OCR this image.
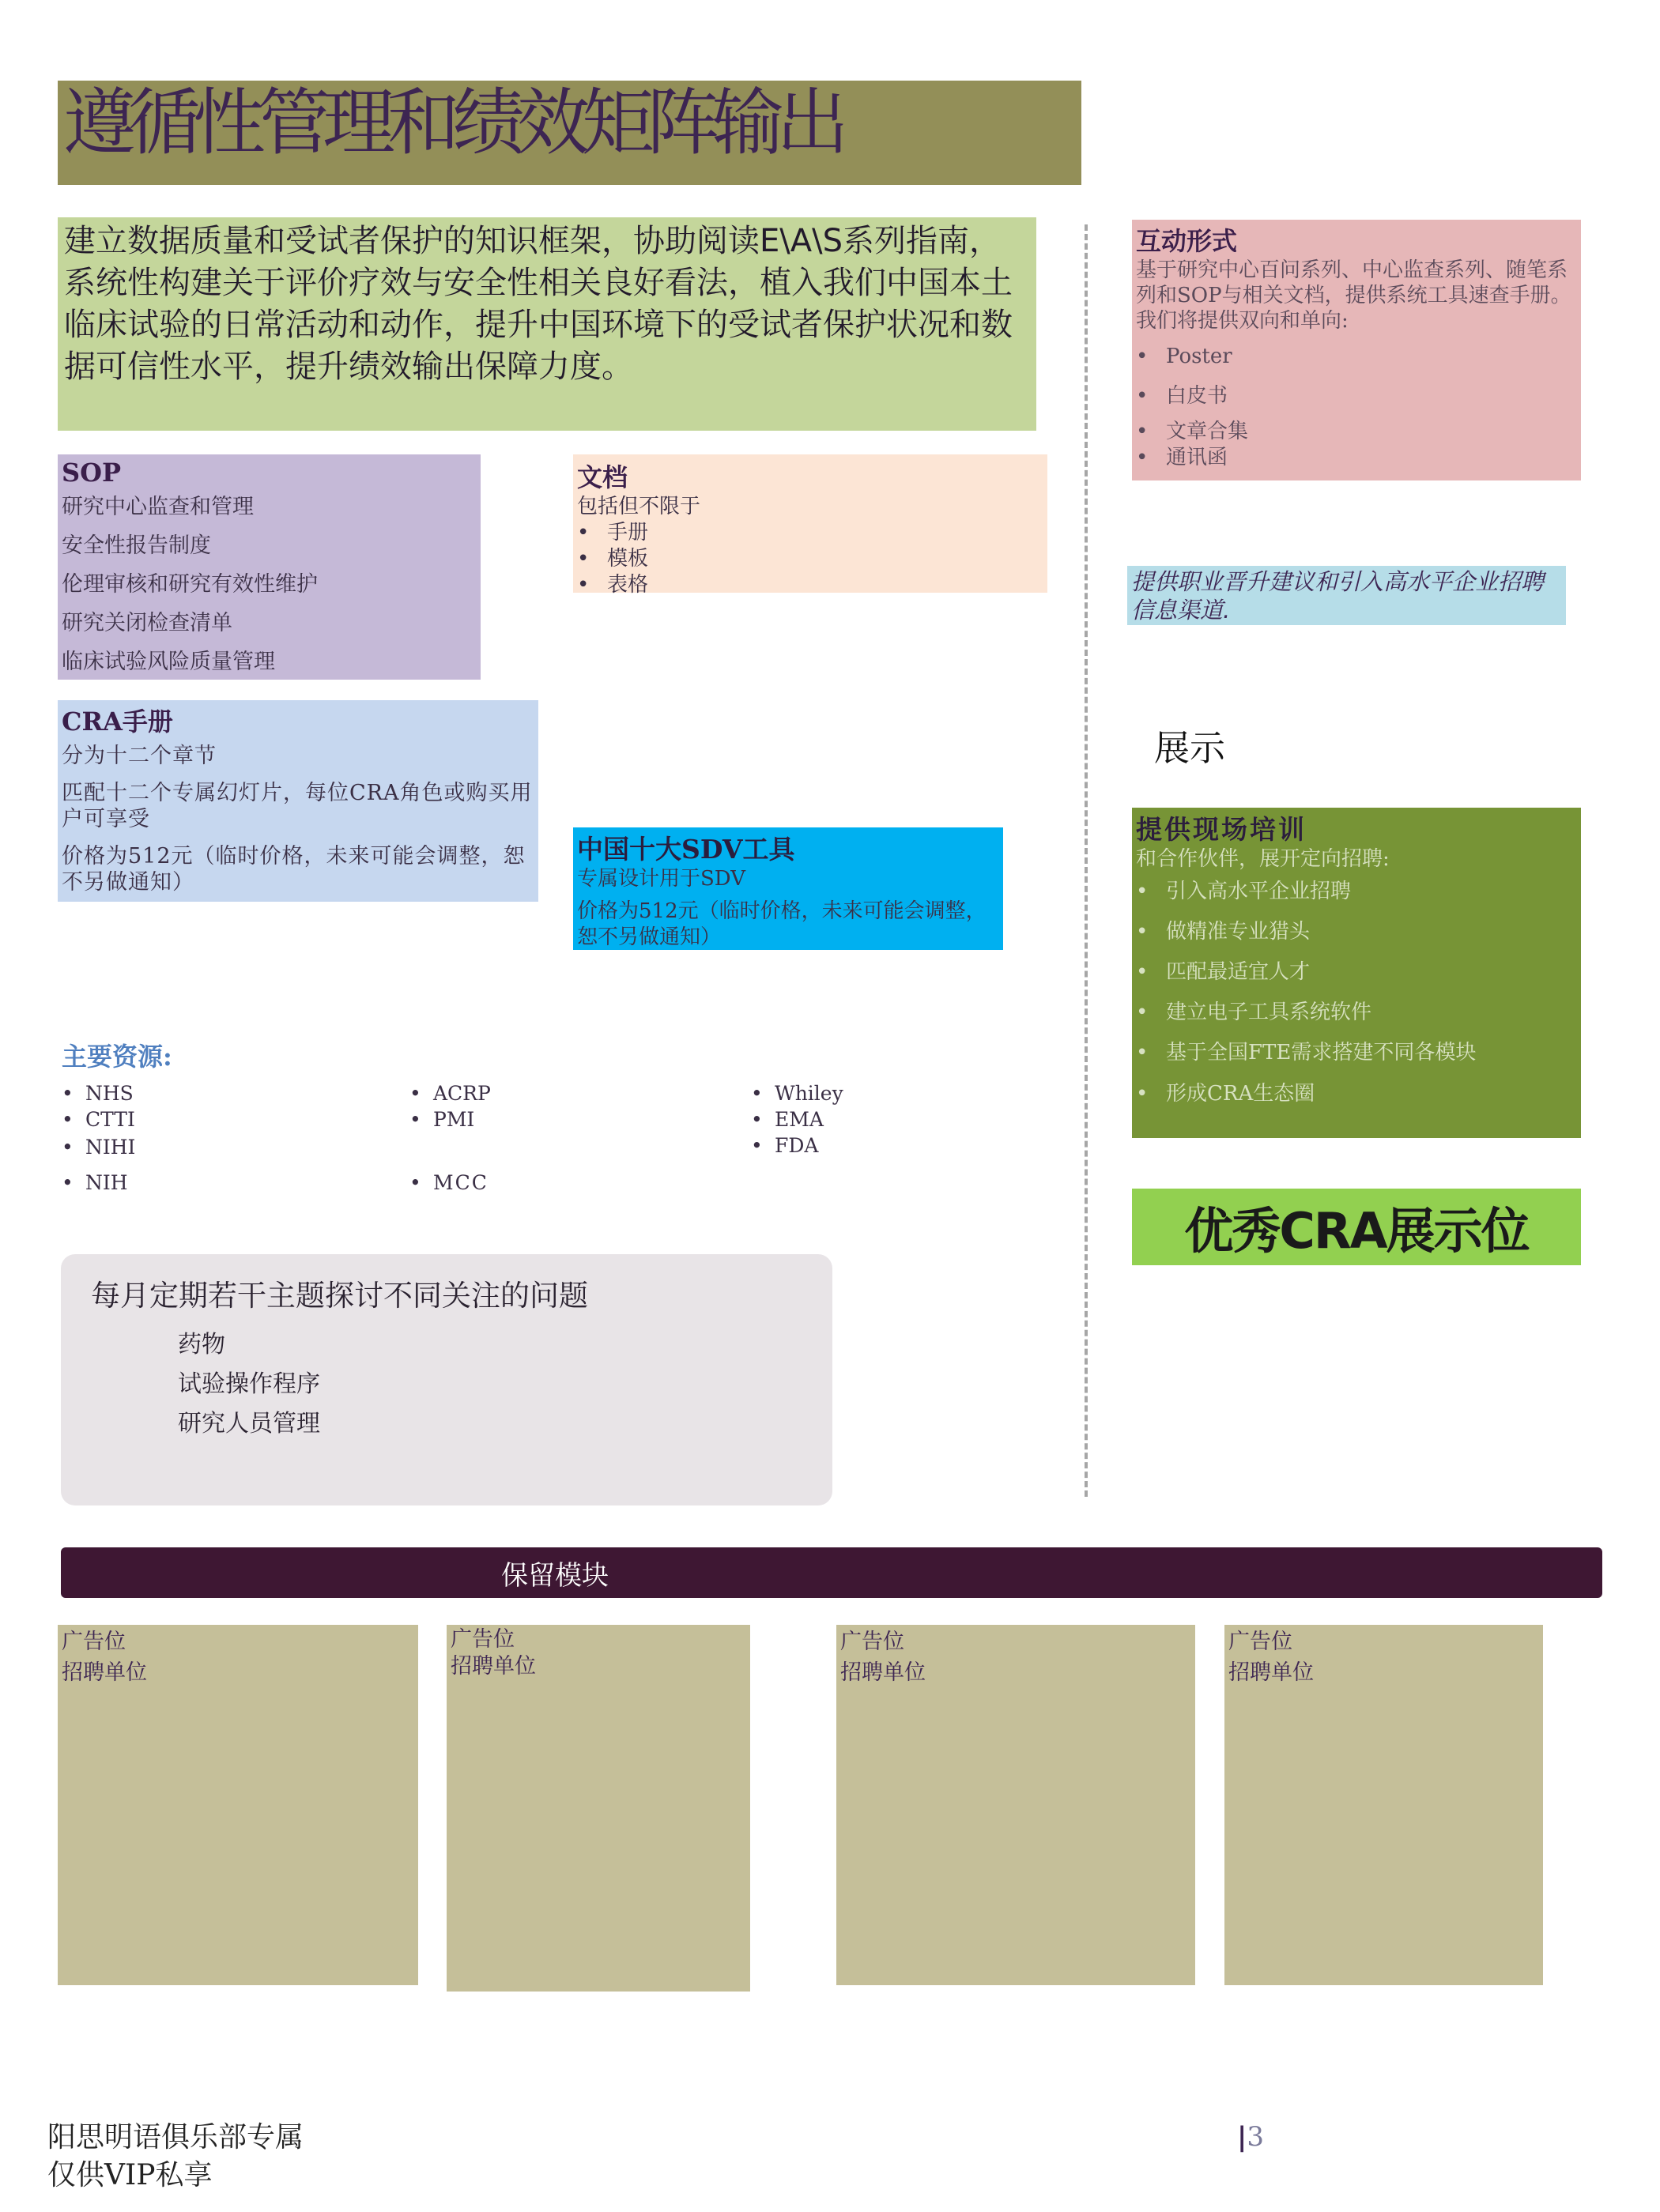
遵循性管理和绩效矩阵输出
建立数据质量和受试者保护的知识框架，协助阅读E\A\S系列指南，系统性构建关于评价疗效与安全性相关良好看法，植入我们中国本土临床试验的日常活动和动作，提升中国环境下的受试者保护状况和数据可信性水平，提升绩效输出保障力度。
SOP
研究中心监查和管理
安全性报告制度
伦理审核和研究有效性维护
研究关闭检查清单
临床试验风险质量管理
文档
包括但不限于
• 手册
• 模板
• 表格
CRA手册

分为十二个章节

匹配十二个专属幻灯片，每位CRA角色或购买用户可享受

价格为512元（临时价格，未来可能会调整，恕不另做通知）

中国十大SDV工具

专属设计用于SDV

价格为512元（临时价格，未来可能会调整，恕不另做通知）

主要资源:
• NHS
• CTTI
• NIHI
• NIH
• ACRP
• PMI
• MCC
• Whiley
• EMA
• FDA
每月定期若干主题探讨不同关注的问题
药物
试验操作程序
研究人员管理
互动形式

基于研究中心百问系列、中心监查系列、随笔系列和SOP与相关文档，提供系统工具速查手册。我们将提供双向和单向:

• Poster
• 白皮书
• 文章合集
• 通讯函
提供职业晋升建议和引入高水平企业招聘信息渠道.
展示
提供现场培训

和合作伙伴，展开定向招聘:

• 引入高水平企业招聘
• 做精准专业猎头
• 匹配最适宜人才
• 建立电子工具系统软件
• 基于全国FTE需求搭建不同各模块
• 形成CRA生态圈
优秀CRA展示位
保留模块
广告位
招聘单位
广告位
招聘单位
广告位
招聘单位
广告位
招聘单位
阳思明语俱乐部专属
仅供VIP私享
|3
